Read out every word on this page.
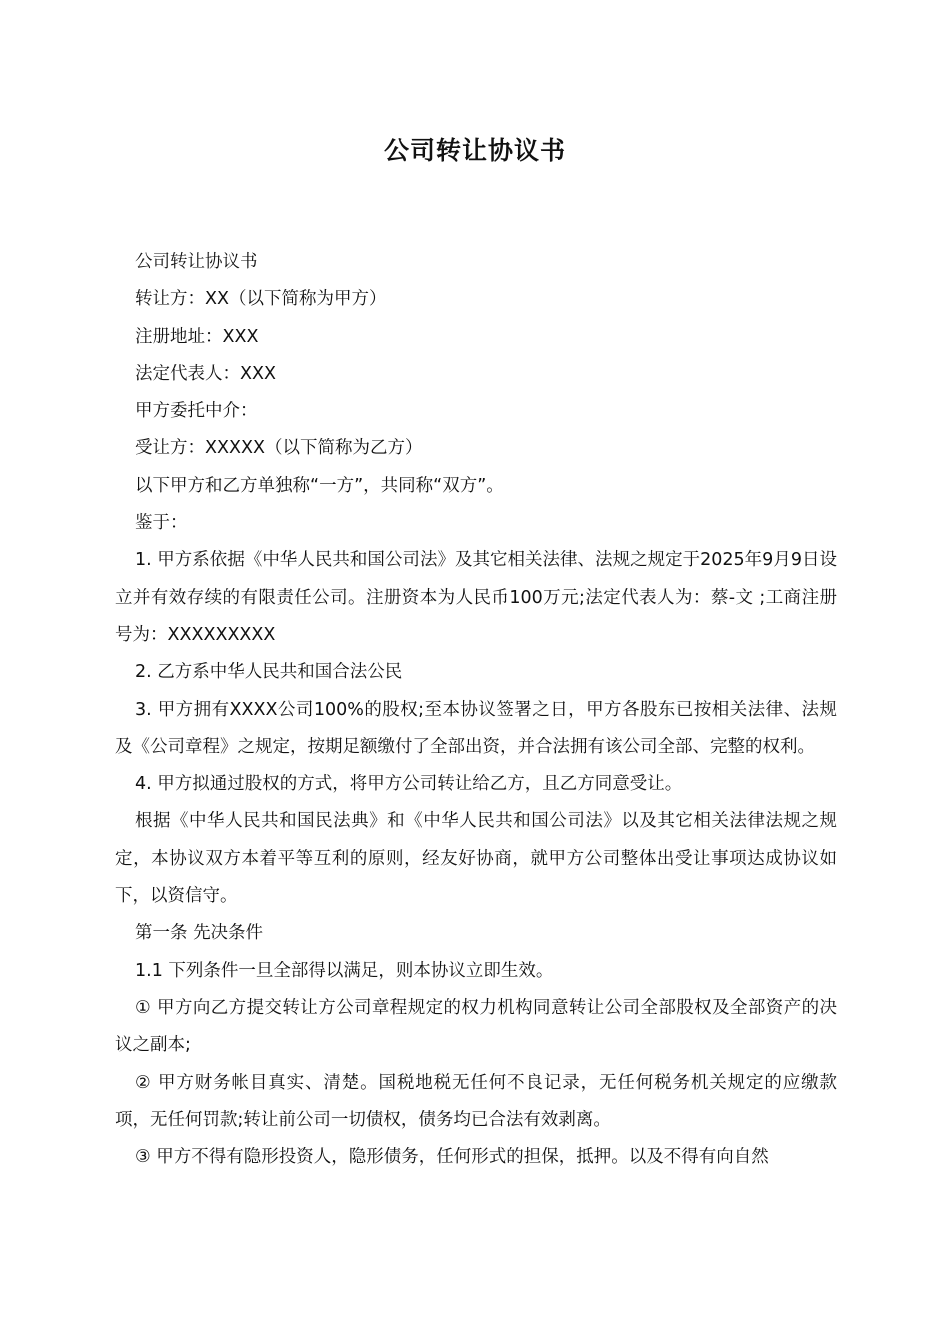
公司转让协议书

公司转让协议书

转让方：XX（以下简称为甲方）

注册地址：XXX

法定代表人：XXX

甲方委托中介：

受让方：XXXXX（以下简称为乙方）

以下甲方和乙方单独称“一方”，共同称“双方”。

鉴于：

1. 甲方系依据《中华人民共和国公司法》及其它相关法律、法规之规定于2025年9月9日设立并有效存续的有限责任公司。注册资本为人民币100万元;法定代表人为：蔡-文 ;工商注册号为：XXXXXXXXX

2. 乙方系中华人民共和国合法公民

3. 甲方拥有XXXX公司100%的股权;至本协议签署之日，甲方各股东已按相关法律、法规及《公司章程》之规定，按期足额缴付了全部出资，并合法拥有该公司全部、完整的权利。

4. 甲方拟通过股权的方式，将甲方公司转让给乙方，且乙方同意受让。

根据《中华人民共和国民法典》和《中华人民共和国公司法》以及其它相关法律法规之规定，本协议双方本着平等互利的原则，经友好协商，就甲方公司整体出受让事项达成协议如下，以资信守。

第一条 先决条件

1.1 下列条件一旦全部得以满足，则本协议立即生效。

① 甲方向乙方提交转让方公司章程规定的权力机构同意转让公司全部股权及全部资产的决议之副本;

② 甲方财务帐目真实、清楚。国税地税无任何不良记录，无任何税务机关规定的应缴款项，无任何罚款;转让前公司一切债权，债务均已合法有效剥离。

③ 甲方不得有隐形投资人，隐形债务，任何形式的担保，抵押。以及不得有向自然
